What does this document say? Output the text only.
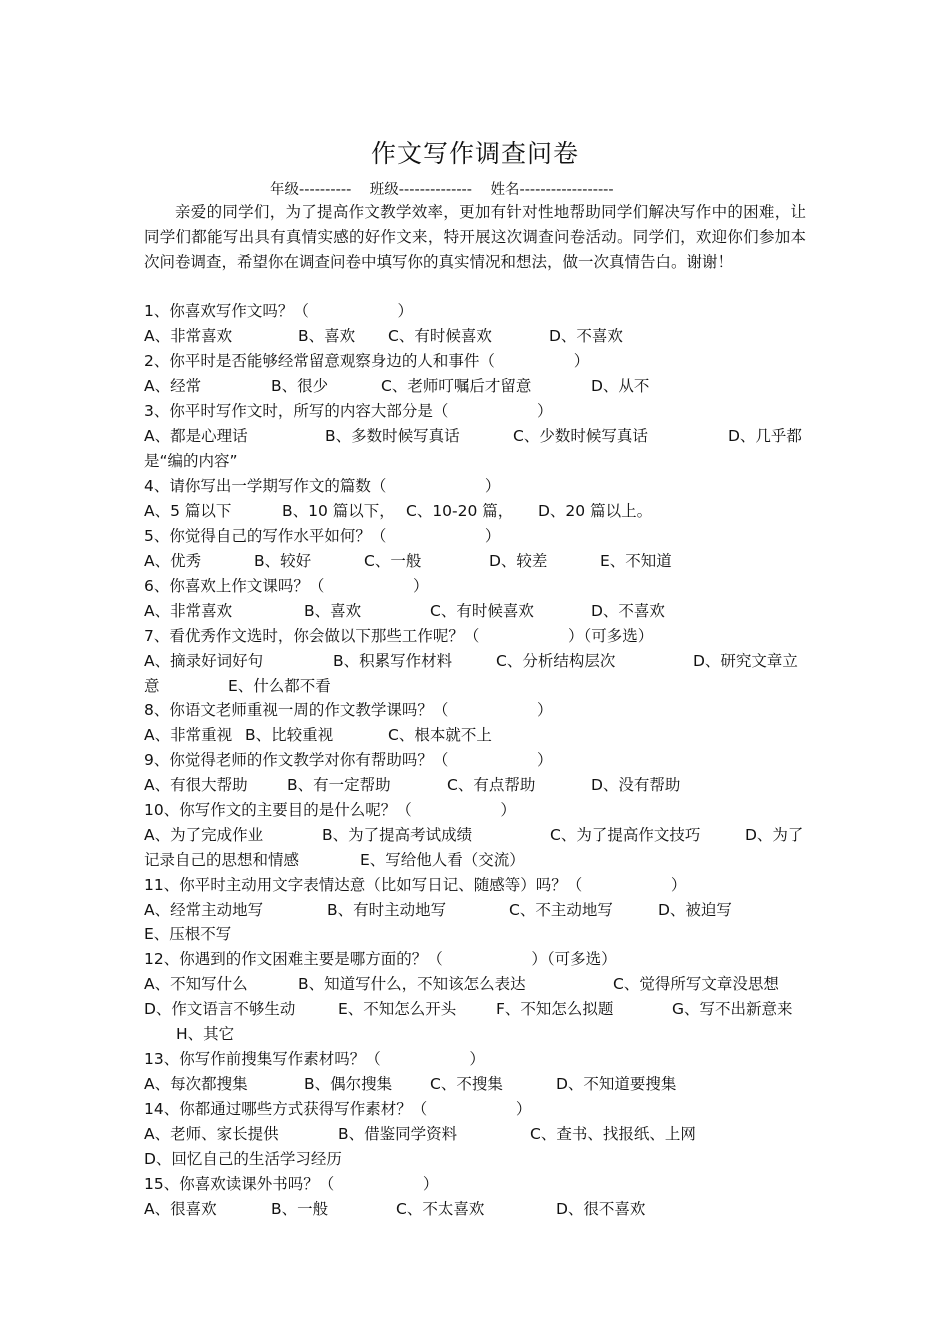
作文写作调查问卷
年级---------- 班级-------------- 姓名------------------
亲爱的同学们，为了提高作文教学效率，更加有针对性地帮助同学们解决写作中的困难，让同学们都能写出具有真情实感的好作文来，特开展这次调查问卷活动。同学们，欢迎你们参加本次问卷调查，希望你在调查问卷中填写你的真实情况和想法，做一次真情告白。谢谢！
1、你喜欢写作文吗？（                  ）
A、非常喜欢	B、喜欢 C、有时候喜欢	D、不喜欢
2、你平时是否能够经常留意观察身边的人和事件（                ）
A、经常	B、很少	C、老师叮嘱后才留意	D、从不
3、你平时写作文时，所写的内容大部分是（                  ）
A、都是心理话	B、多数时候写真话	C、少数时候写真话	D、几乎都
是“编的内容”
4、请你写出一学期写作文的篇数（                    ）
A、5 篇以下	B、10 篇以下， C、10-20 篇， D、20 篇以上。
5、你觉得自己的写作水平如何？（                    ）
A、优秀	B、较好	C、一般	D、较差	E、不知道
6、你喜欢上作文课吗？（                  ）
A、非常喜欢	B、喜欢	C、有时候喜欢	D、不喜欢
7、看优秀作文选时，你会做以下那些工作呢？（                  ）（可多选）
A、摘录好词好句	B、积累写作材料	C、分析结构层次	D、研究文章立
意	E、什么都不看
8、你语文老师重视一周的作文教学课吗？（                  ）
A、非常重视 B、比较重视	C、根本就不上
9、你觉得老师的作文教学对你有帮助吗？（                  ）
A、有很大帮助	B、有一定帮助	C、有点帮助	D、没有帮助
10、你写作文的主要目的是什么呢？（                  ）
A、为了完成作业	B、为了提高考试成绩	C、为了提高作文技巧	D、为了
记录自己的思想和情感	E、写给他人看（交流）
11、你平时主动用文字表情达意（比如写日记、随感等）吗？（                  ）
A、经常主动地写	B、有时主动地写	C、不主动地写	D、被迫写
E、压根不写
12、你遇到的作文困难主要是哪方面的？（                  ）（可多选）
A、不知写什么	B、知道写什么，不知该怎么表达	C、觉得所写文章没思想
D、作文语言不够生动	E、不知怎么开头	F、不知怎么拟题	G、写不出新意来
H、其它
13、你写作前搜集写作素材吗？（                  ）
A、每次都搜集	B、偶尔搜集 C、不搜集	D、不知道要搜集
14、你都通过哪些方式获得写作素材？（                  ）
A、老师、家长提供	B、借鉴同学资料	C、查书、找报纸、上网
D、回忆自己的生活学习经历
15、你喜欢读课外书吗？（                  ）
A、很喜欢	B、一般	C、不太喜欢	D、很不喜欢
